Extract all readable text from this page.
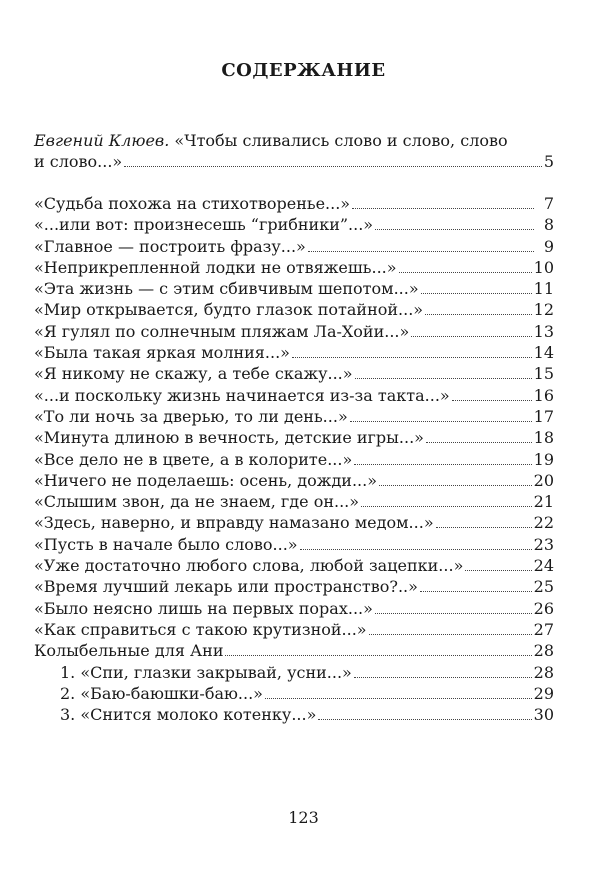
СОДЕРЖАНИЕ
Евгений Клюев. «Чтобы сливались слово и слово, слово
и слово...»	5
«Судьба похожа на стихотворенье...»	7
«...или вот: произнесешь “грибники”...»	8
«Главное — построить фразу...»	9
«Неприкрепленной лодки не отвяжешь...»	10
«Эта жизнь — с этим сбивчивым шепотом...»	11
«Мир открывается, будто глазок потайной...»	12
«Я гулял по солнечным пляжам Ла-Хойи...»	13
«Была такая яркая молния...»	14
«Я никому не скажу, а тебе скажу...»	15
«...и поскольку жизнь начинается из-за такта...»	16
«То ли ночь за дверью, то ли день...»	17
«Минута длиною в вечность, детские игры...»	18
«Все дело не в цвете, а в колорите...»	19
«Ничего не поделаешь: осень, дожди...»	20
«Слышим звон, да не знаем, где он...»	21
«Здесь, наверно, и вправду намазано медом...»	22
«Пусть в начале было слово...»	23
«Уже достаточно любого слова, любой зацепки...»	24
«Время лучший лекарь или пространство?..»	25
«Было неясно лишь на первых порах...»	26
«Как справиться с такою крутизной...»	27
Колыбельные для Ани	28
1. «Спи, глазки закрывай, усни...»	28
2. «Баю-баюшки-баю...»	29
3. «Снится молоко котенку...»	30
123
